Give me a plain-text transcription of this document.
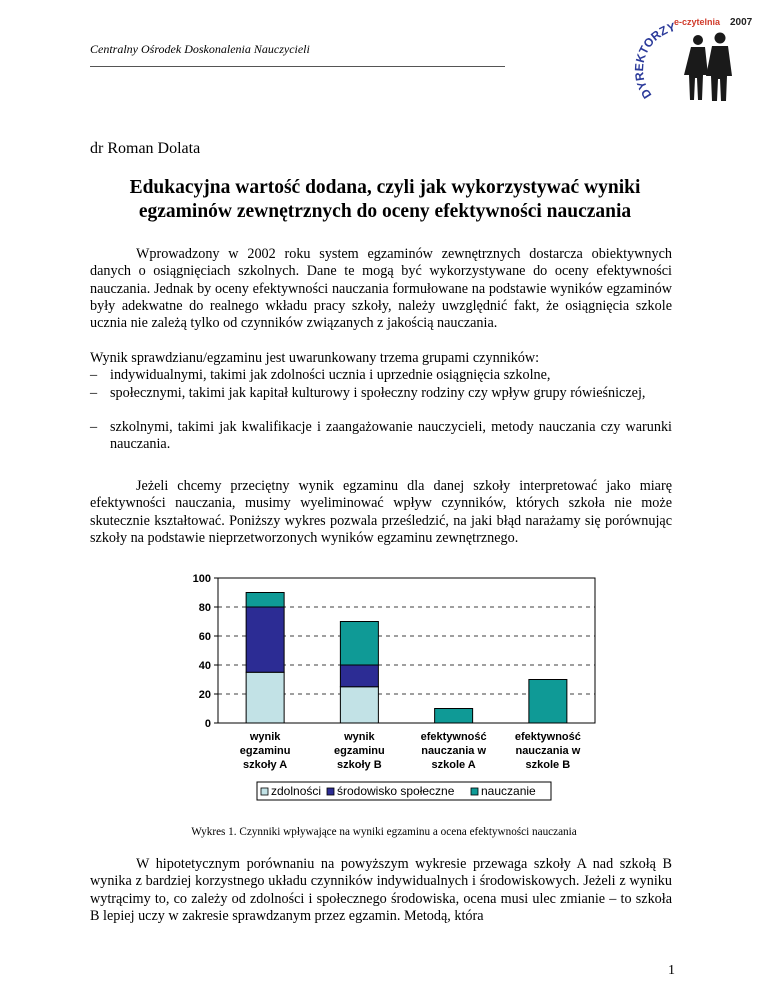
Centralny Ośrodek Doskonalenia Nauczycieli
DYREKTORZY
e-czytelnia 2007
dr Roman Dolata
Edukacyjna wartość dodana, czyli jak wykorzystywać wyniki
egzaminów zewnętrznych do oceny efektywności nauczania
Wprowadzony w 2002 roku system egzaminów zewnętrznych dostarcza obiektywnych danych o osiągnięciach szkolnych. Dane te mogą być wykorzystywane do oceny efektywności nauczania. Jednak by oceny efektywności nauczania formułowane na podstawie wyników egzaminów były adekwatne do realnego wkładu pracy szkoły, należy uwzględnić fakt, że osiągnięcia szkole ucznia nie zależą tylko od czynników związanych z jakością nauczania.
Wynik sprawdzianu/egzaminu jest uwarunkowany trzema grupami czynników:
– indywidualnymi, takimi jak zdolności ucznia i uprzednie osiągnięcia szkolne,
– społecznymi, takimi jak kapitał kulturowy i społeczny rodziny czy wpływ grupy rówieśniczej,
– szkolnymi, takimi jak kwalifikacje i zaangażowanie nauczycieli, metody nauczania czy warunki nauczania.
Jeżeli chcemy przeciętny wynik egzaminu dla danej szkoły interpretować jako miarę efektywności nauczania, musimy wyeliminować wpływ czynników, których szkoła nie może skutecznie kształtować. Poniższy wykres pozwala prześledzić, na jaki błąd narażamy się porównując szkoły na podstawie nieprzetworzonych wyników egzaminu zewnętrznego.
0
20
40
60
80
100
wynik
egzaminu
szkoły A
wynik
egzaminu
szkoły B
efektywność
nauczania w
szkole A
efektywność
nauczania w
szkole B
zdolności środowisko społeczne nauczanie
Wykres 1. Czynniki wpływające na wyniki egzaminu a ocena efektywności nauczania
W hipotetycznym porównaniu na powyższym wykresie przewaga szkoły A nad szkołą B wynika z bardziej korzystnego układu czynników indywidualnych i środowiskowych. Jeżeli z wyniku wytrącimy to, co zależy od zdolności i społecznego środowiska, ocena musi ulec zmianie – to szkoła B lepiej uczy w zakresie sprawdzanym przez egzamin. Metodą, która
1
